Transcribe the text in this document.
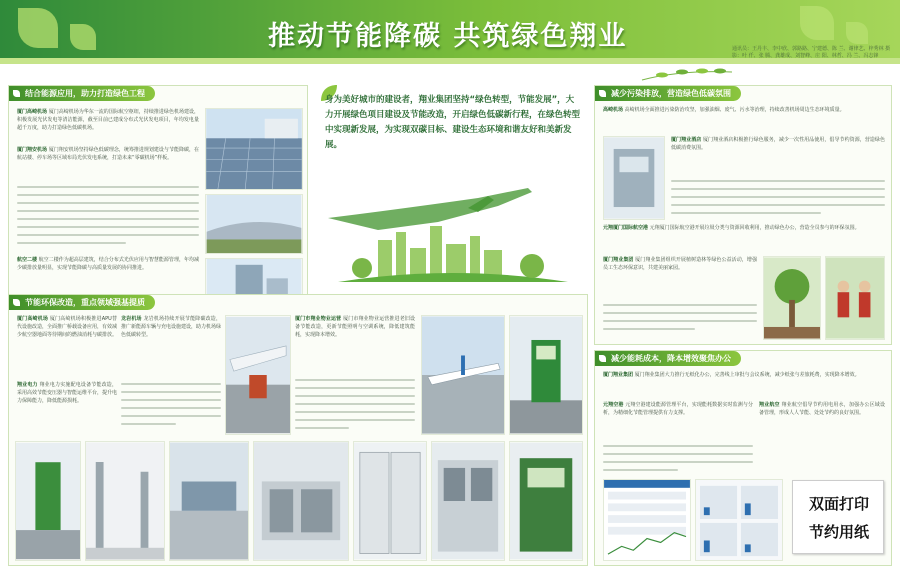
推动节能降碳 共筑绿色翔业	通讯员：王丹丰、李中欣、郭路路、宁建德、陈 兰、谢律艺、梓秀林 摄 影：叶 仟、张 腾、龚雄成、刘智峰、庄 阳、林哲、冯 兰、冯志锋
身为美好城市的建设者，翔业集团坚持“绿色转型，节能发展”，大力开展绿色项目建设及节能改造，开启绿色低碳新行程，在绿色转型中实现新发展，为实现双碳目标、建设生态环境和谐友好和美新发展。
结合能源应用，助力打造绿色工程
厦门高崎机场 厦门高崎机场为华东一流的国际航空枢纽，持续推进绿色机场建设，积极发展光伏发电等清洁能源，截至目前已建成分布式光伏发电项目，年均发电量超千万度，助力打造绿色低碳机场。
厦门翔安机场 厦门翔安机场坚持绿色低碳理念，统筹推进规划建设与节能降碳，在航站楼、停车场等区域布局光伏发电系统，打造未来“零碳机场”样板。
航空二楼 航空二楼作为超高层建筑，结合分布式光伏应用与智慧能源管理，年均减少碳排放量明显，实现节能降碳与高质量发展的协同推进。
节能环保改造，重点领域强基提质
厦门高崎机场 厦门高崎机场积极推进APU替代设施改造，全面推广桥载设备应用，有效减少航空器地面等待期间的燃油消耗与碳排放。
翔业电力 翔业电力实施配电设备节能改造，采用高效节能变压器与智能运维平台，提升电力保障能力，降低能源损耗。
龙岩机场 龙岩机场持续开展节能降碳改造，推广新能源车辆与充电设施建设，助力机场绿色低碳转型。
厦门市翔业物业运营 厦门市翔业物业运营推进老旧设备节能改造，更新节能照明与空调系统，降低建筑能耗，实现降本增效。
减少污染排放，营造绿色低碳氛围
高崎机场 高崎机场全面推进污染防治攻坚，加强油烟、废气、污水等治理，持续改善机场周边生态环境质量。
厦门翔业酒店 厦门翔业酒店积极推行绿色服务，减少一次性用品使用，倡导节约资源，营造绿色低碳消费氛围。
元翔厦门国际航空港 元翔厦门国际航空港开展垃圾分类与资源回收利用，推动绿色办公，营造全员参与的环保氛围。
厦门翔业集团 厦门翔业集团组织开展植树造林等绿色公益活动，增强员工生态环保意识，共建美丽家园。
减少能耗成本，降本增效聚焦办公
厦门翔业集团 厦门翔业集团大力推行无纸化办公，完善线上审批与会议系统，减少纸张与差旅耗费，实现降本增效。
元翔空港 元翔空港建设能源管理平台，实现能耗数据实时监测与分析，为精细化节能管理提供有力支撑。
翔业航空 翔业航空倡导节约用电用水，加强办公区域设备管理，形成人人节能、处处节约的良好氛围。
双面打印
节约用纸
